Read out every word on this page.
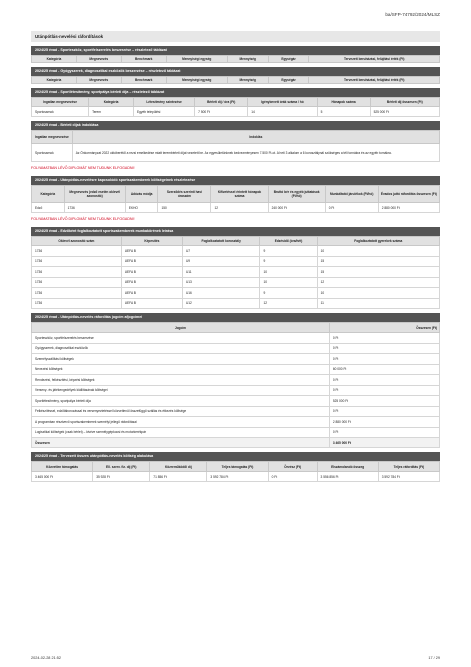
ba/SFP-74792/2024/MLSZ
Utánpótlás-nevelési ráfordítások
2024/25 évad - Sporteszköz, sportfelszerelés beszerzése – részletező táblázat
Kategória	Megnevezés	Benchmark	Mennyiségi egység	Mennyiség	Egységár	Tervezett beruházási, felújítási érték (Ft)
2024/25 évad - Gyógyszerek, diagnosztikai eszközök beszerzése – részletező táblázat
Kategória	Megnevezés	Benchmark	Mennyiségi egység	Mennyiség	Egységár	Tervezett beruházási, felújítási érték (Ft)
2024/25 évad - Sportlétesítmény, sportpálya bérleti díja – részletező táblázat
Ingatlan megnevezése	Kategória	Létesítmény szintezése	Bérleti díj / óra (Ft)	Igénybevett órák száma / hó	Hónapok száma	Bérleti díj összesen (Ft)
Sportcsarnok	Terem	Egyéb települési	7 500 Ft	14	5	525 000 Ft
2024/25 évad - Bérleti díjak indoklása
Ingatlan megnevezése	Indoklás
Sportcsarnok	Az Önkormányzat 2022 októberétől a rezsi emelkedése miatt terembérleti díjat vezetett be. Az egyesületünknek kedvezményesen 7.500 Ft-ot. A heti 3 alkalom a 6 korosztálynál szükséges a téli tornákra és az egyéb tornákra.
FOLYAMATBAN LÉVŐ DIPLOMÁT NEM TUDUNK ELFOGADNI!
2024/25 évad - Utánpótlás-nevelésre kapcsolódó sportszakemberek költségeinek részletezése
Kategória	Megnevezés (edző esetén oklevél azonosító)	Adózás módja	Szerződés szerinti havi óraszám	Kifizetéssel érintett hónapok száma	Bruttó bér és egyéb juttatások (Ft/hó)	Munkáltatói járulékok (Ft/hó)	Évados juttó ráfordítás összesen (Ft)
Edző	1736	EKHO	150	12	240 000 Ft	0 Ft	2 880 000 Ft
FOLYAMATBAN LÉVŐ DIPLOMÁT NEM TUDUNK ELFOGADNI!
2024/25 évad - Edzőként foglalkoztatott sportszakemberek munkakörének leírása
Oklevél azonosító szám	Képesítés	Foglalkoztatott korosztály	Edzésidő (óra/hét)	Foglalkoztatott gyerekek száma
1736	UEFA B	U7	9	10
1736	UEFA B	U9	9	15
1736	UEFA B	U11	10	15
1736	UEFA B	U13	10	12
1736	UEFA B	U16	9	10
1736	UEFA B	U12	12	11
2024/25 évad - Utánpótlás-nevelés ráfordítás jogcím afjogcímei
Jogcím	Összesen (Ft)
Sporteszköz, sportfelszerelés beszerzése	0 Ft
Gyógyszerek, diagnosztikai eszközök	0 Ft
Személyszállítási költségek	0 Ft
Nevezési költségek	60 000 Ft
Rendezési, felkészítési, képzési költségek	0 Ft
Verseny- és játékengedélyek kiállításának költségei	0 Ft
Sportlétesítmény, sportpálya bérleti díja	525 000 Ft
Felkészítéssel, edzőtáborozással és versenyeztetéssel közvetlenül összefüggő szállás és étkezés költsége	0 Ft
A programban résztvevő sportszakemberek személyi jellegű ráfordításai	2 880 000 Ft
Logisztikai költségek (csak bérlet) – kivéve személygépkocsi és motorkerékpár	0 Ft
Összesen	3 465 000 Ft
2024/25 évad - Tervezett összes utánpótlás-nevelés költség alakulása
Közvetlen támogatás	Ell. szerv. fiz. díj (Ft)	Közreműködői díj	Teljes támogatás (Ft)	Önrész (Ft)	Elszámolandó összeg	Teljes ráfordítás (Ft)
3 465 000 Ft	35 928 Ft	71 856 Ft	3 592 784 Ft	0 Ft	3 556 856 Ft	3 592 784 Ft
2024-02-28 21:52	17 / 29
